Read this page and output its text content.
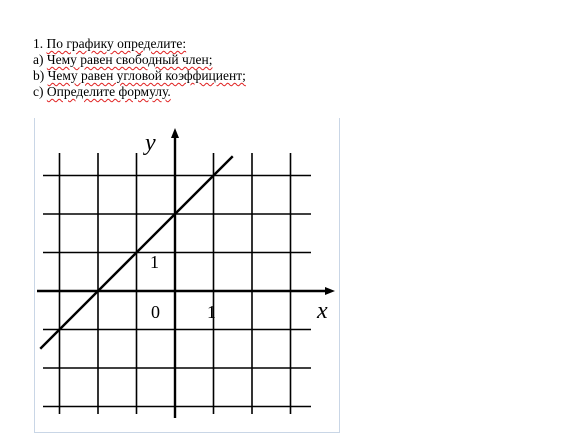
1. По графику определите:
a) Чему равен свободный член;
b) Чему равен угловой коэффициент;
c) Определите формулу.
x
y
0	1
1
